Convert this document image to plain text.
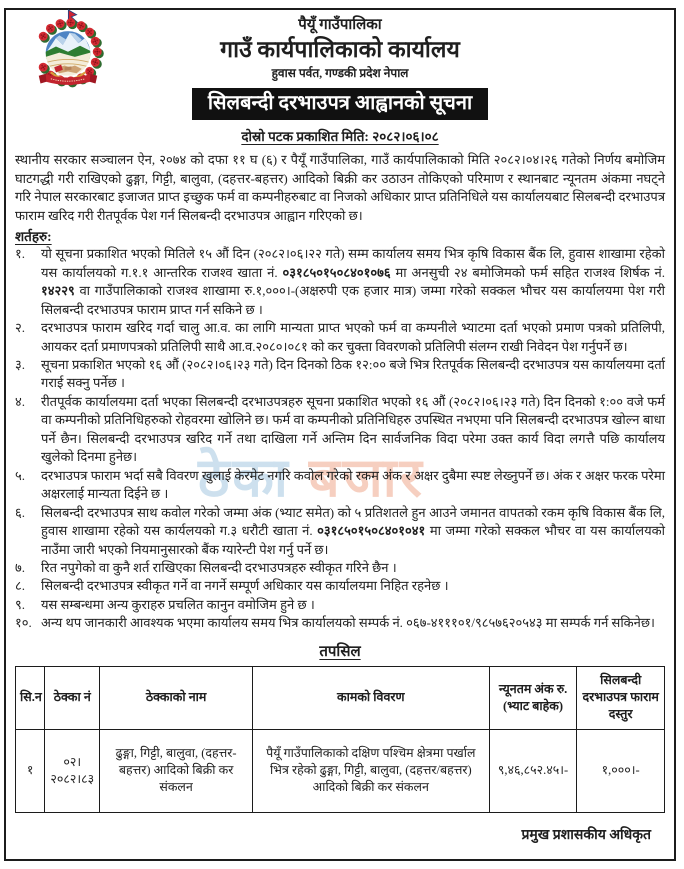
ठेका बजार
पैयूँ गाउँपालिका
गाउँ कार्यपालिकाको कार्यालय
हुवास पर्वत, गण्डकी प्रदेश नेपाल
सिलबन्दी दरभाउपत्र आह्वानको सूचना
दोस्रो पटक प्रकाशित मिति: २०८२।०६।०८

स्थानीय सरकार सञ्चालन ऐन, २०७४ को दफा ११ घ (६) र पैयूँ गाउँपालिका, गाउँ कार्यपालिकाको मिति २०८२।०४।२६ गतेको निर्णय बमोजिम घाटगद्धी गरी राखिएको ढुङ्गा, गिट्टी, बालुवा, (दहत्तर-बहत्तर) आदिको बिक्री कर उठाउन तोकिएको परिमाण र स्थानबाट न्यूनतम अंकमा नघट्ने गरि नेपाल सरकारबाट इजाजत प्राप्त इच्छुक फर्म वा कम्पनीहरुबाट वा निजको अधिकार प्राप्त प्रतिनिधिले यस कार्यालयबाट सिलबन्दी दरभाउपत्र फाराम खरिद गरी रीतपूर्वक पेश गर्न सिलबन्दी दरभाउपत्र आह्वान गरिएको छ।

शर्तहरु:
१.	यो सूचना प्रकाशित भएको मितिले १५ औं दिन (२०८२।०६।२२ गते) सम्म कार्यालय समय भित्र कृषि विकास बैंक लि, हुवास शाखामा रहेको यस कार्यालयको ग.१.१ आन्तरिक राजश्व खाता नं. ०३१८५०१५०८४०१०७६ मा अनसुची २४ बमोजिमको फर्म सहित राजश्व शिर्षक नं. १४२२९ वा गाउँपालिकाको राजश्व शाखामा रु.१,०००।-(अक्षरुपी एक हजार मात्र) जम्मा गरेको सक्कल भौचर यस कार्यालयमा पेश गरी सिलबन्दी दरभाउपत्र फाराम प्राप्त गर्न सकिने छ ।
२.	दरभाउपत्र फाराम खरिद गर्दा चालु आ.व. का लागि मान्यता प्राप्त भएको फर्म वा कम्पनीले भ्याटमा दर्ता भएको प्रमाण पत्रको प्रतिलिपी, आयकर दर्ता प्रमाणपत्रको प्रतिलिपी साथै आ.व.२०८०।०८१ को कर चुक्ता विवरणको प्रतिलिपी संलग्न राखी निवेदन पेश गर्नुपर्ने छ।
३.	सूचना प्रकाशित भएको १६ औं (२०८२।०६।२३ गते) दिन दिनको ठिक १२:०० बजे भित्र रितपूर्वक सिलबन्दी दरभाउपत्र यस कार्यालयमा दर्ता गराई सक्नु पर्नेछ ।
४.	रीतपूर्वक कार्यालयमा दर्ता भएका सिलबन्दी दरभाउपत्रहरु सूचना प्रकाशित भएको १६ औं (२०८२।०६।२३ गते) दिन दिनको १:०० वजे फर्म वा कम्पनीको प्रतिनिधिहरुको रोहवरमा खोलिने छ। फर्म वा कम्पनीको प्रतिनिधिहरु उपस्थित नभएमा पनि सिलबन्दी दरभाउपत्र खोल्न बाधा पर्ने छैन। सिलबन्दी दरभाउपत्र खरिद गर्ने तथा दाखिला गर्ने अन्तिम दिन सार्वजनिक विदा परेमा उक्त कार्य विदा लगत्तै पछि कार्यालय खुलेको दिनमा हुनेछ।
५.	दरभाउपत्र फाराम भर्दा सबै विवरण खुलाई केरमेट नगरि कवोल गरेको रकम अंक र अक्षर दुबैमा स्पष्ट लेख्नुपर्ने छ। अंक र अक्षर फरक परेमा अक्षरलाई मान्यता दिईने छ ।
६.	सिलबन्दी दरभाउपत्र साथ कवोल गरेको जम्मा अंक (भ्याट समेत) को ५ प्रतिशतले हुन आउने जमानत वापतको रकम कृषि विकास बैंक लि, हुवास शाखामा रहेको यस कार्यलयको ग.३ धरौटी खाता नं. ०३१८५०१५०८४०१०४१ मा जम्मा गरेको सक्कल भौचर वा यस कार्यालयको नाउँमा जारी भएको नियमानुसारको बैंक ग्यारेन्टी पेश गर्नु पर्ने छ।
७.	रित नपुगेको वा कुनै शर्त राखिएका सिलबन्दी दरभाउपत्रहरु स्वीकृत गरिने छैन ।
८.	सिलबन्दी दरभाउपत्र स्वीकृत गर्ने वा नगर्ने सम्पूर्ण अधिकार यस कार्यालयमा निहित रहनेछ ।
९.	यस सम्बन्धमा अन्य कुराहरु प्रचलित कानुन वमोजिम हुने छ ।
१०. अन्य थप जानकारी आवश्यक भएमा कार्यालय समय भित्र कार्यालयको सम्पर्क नं. ०६७-४१११०१/९८५७६२०५४३ मा सम्पर्क गर्न सकिनेछ।
तपसिल
सि.न	ठेक्का नं	ठेक्काको नाम	कामको विवरण	न्यूनतम अंक रु. (भ्याट बाहेक)	सिलबन्दी दरभाउपत्र फाराम दस्तुर
१	०२।२०८२।८३	ढुङ्गा, गिट्टी, बालुवा, (दहत्तर-बहत्तर) आदिको बिक्री कर संकलन	पैयूँ गाउँपालिकाको दक्षिण पश्चिम क्षेत्रमा पर्खाल भित्र रहेको ढुङ्गा, गिट्टी, बालुवा, (दहत्तर/बहत्तर) आदिको बिक्री कर संकलन	९,४६,८५२.४५।-	१,०००।-
प्रमुख प्रशासकीय अधिकृत
